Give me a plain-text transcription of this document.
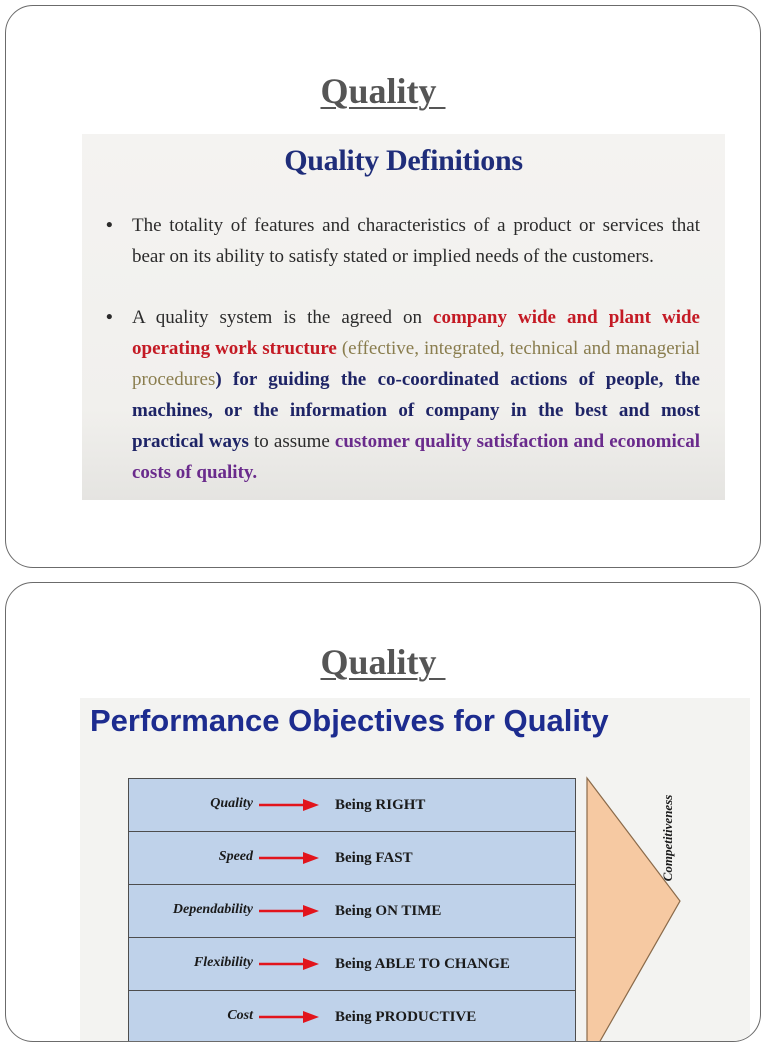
Quality
Quality Definitions
• The totality of features and characteristics of a product or services that bear on its ability to satisfy stated or implied needs of the customers.
• A quality system is the agreed on company wide and plant wide operating work structure (effective, integrated, technical and managerial procedures) for guiding the co-coordinated actions of people, the machines, or the information of company in the best and most practical ways to assume customer quality satisfaction and economical costs of quality.
Quality
Performance Objectives for Quality
Quality	Being RIGHT
Speed	Being FAST
Dependability	Being ON TIME
Flexibility	Being ABLE TO CHANGE
Cost	Being PRODUCTIVE
Competitiveness
